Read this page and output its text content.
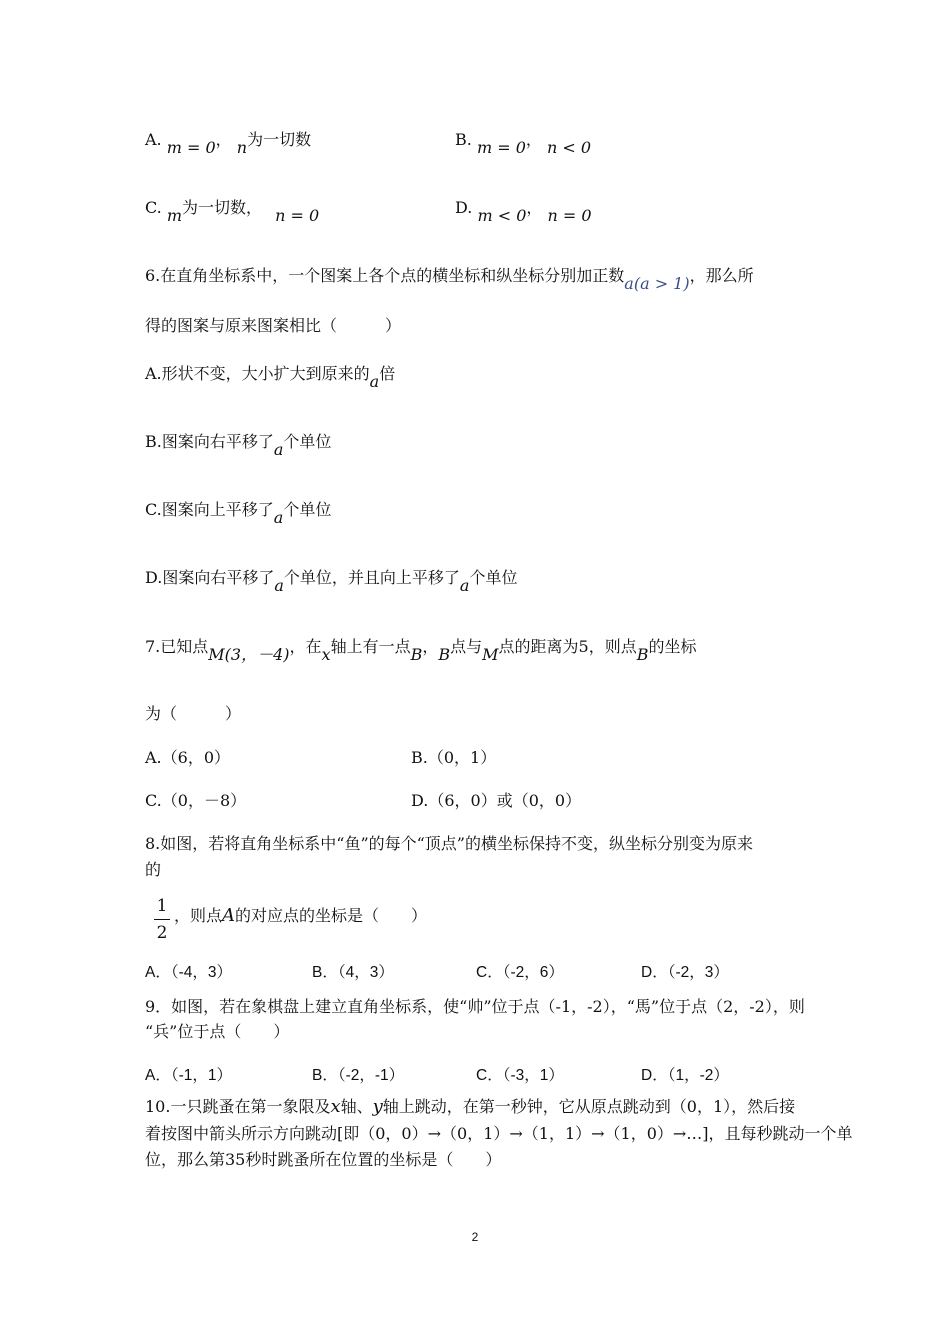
A. m = 0， n为一切数	B. m = 0， n < 0
C. m为一切数， n = 0	D. m < 0， n = 0
6.在直角坐标系中，一个图案上各个点的横坐标和纵坐标分别加正数a(a > 1)，那么所
得的图案与原来图案相比（　　　）
A.形状不变，大小扩大到原来的a倍
B.图案向右平移了a个单位
C.图案向上平移了a个单位
D.图案向右平移了a个单位，并且向上平移了a个单位
7.已知点M(3，－4)，在x轴上有一点B，B点与M点的距离为5，则点B的坐标
为（　　　）
A.（6，0）	B.（0，1）
C.（0，－8）	D.（6，0）或（0，0）
8.如图，若将直角坐标系中“鱼”的每个“顶点”的横坐标保持不变，纵坐标分别变为原来
的
1
2
，则点A的对应点的坐标是（　　）
A．（-4，3）	B．（4，3）	C．（-2，6）	D．（-2，3）
9．如图，若在象棋盘上建立直角坐标系，使“帅”位于点（-1，-2），“馬”位于点（2，-2），则
“兵”位于点（　　）
A．（-1，1）	B．（-2，-1）	C．（-3，1）	D．（1，-2）
10.一只跳蚤在第一象限及x轴、y轴上跳动，在第一秒钟，它从原点跳动到（0，1），然后接
着按图中箭头所示方向跳动[即（0，0）→（0，1）→（1，1）→（1，0）→…]，且每秒跳动一个单
位，那么第35秒时跳蚤所在位置的坐标是（　　）
2
